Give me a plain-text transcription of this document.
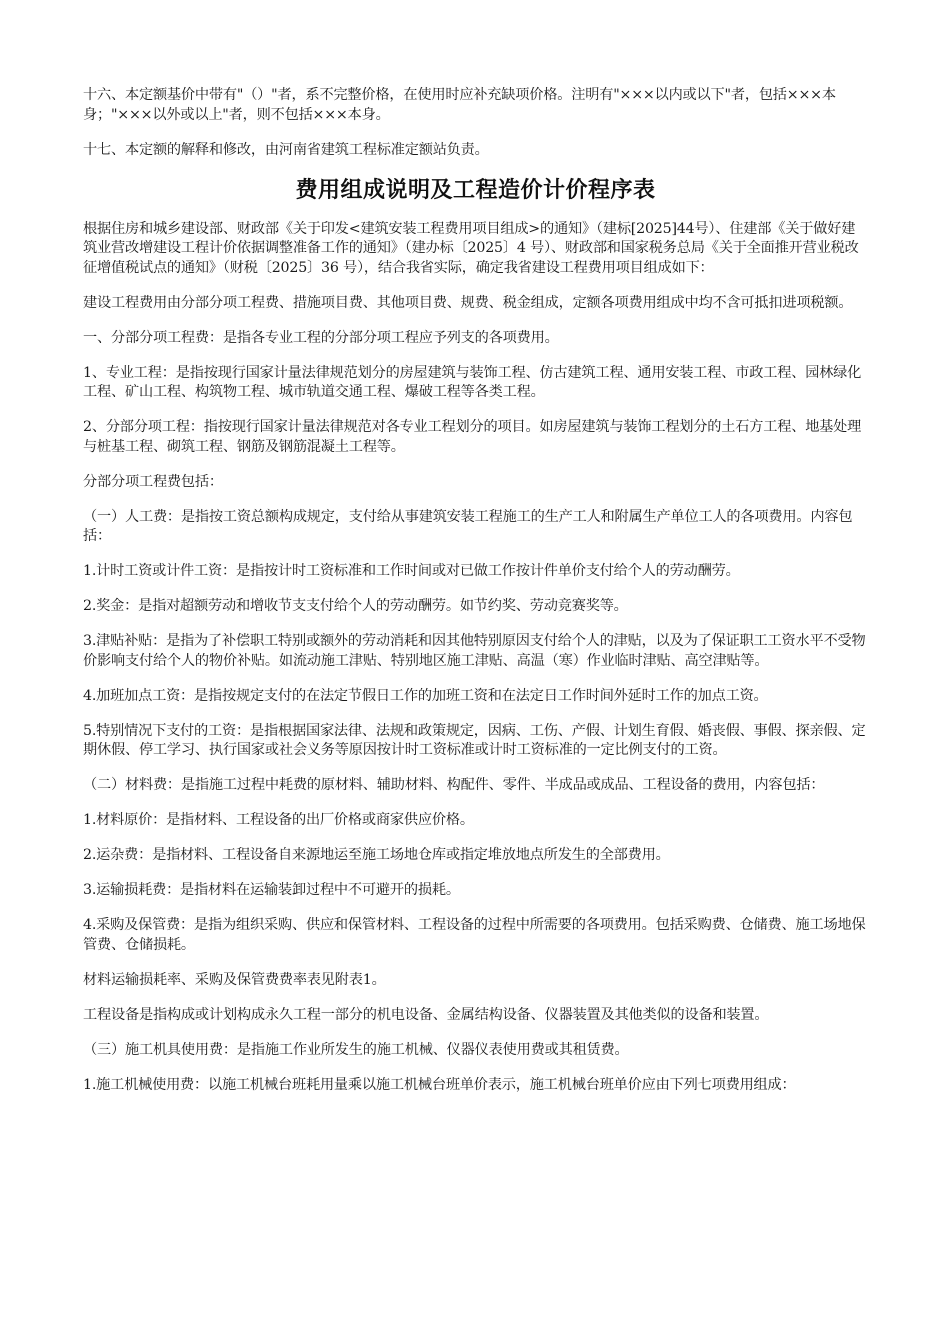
十六、本定额基价中带有"（）"者，系不完整价格，在使用时应补充缺项价格。注明有"×××以内或以下"者，包括×××本身；"×××以外或以上"者，则不包括×××本身。

十七、本定额的解释和修改，由河南省建筑工程标准定额站负责。

费用组成说明及工程造价计价程序表

根据住房和城乡建设部、财政部《关于印发<建筑安装工程费用项目组成>的通知》（建标[2025]44号）、住建部《关于做好建筑业营改增建设工程计价依据调整准备工作的通知》（建办标〔2025〕4 号）、财政部和国家税务总局《关于全面推开营业税改征增值税试点的通知》（财税〔2025〕36 号），结合我省实际，确定我省建设工程费用项目组成如下：

建设工程费用由分部分项工程费、措施项目费、其他项目费、规费、税金组成，定额各项费用组成中均不含可抵扣进项税额。

一、分部分项工程费：是指各专业工程的分部分项工程应予列支的各项费用。

1、专业工程：是指按现行国家计量法律规范划分的房屋建筑与装饰工程、仿古建筑工程、通用安装工程、市政工程、园林绿化工程、矿山工程、构筑物工程、城市轨道交通工程、爆破工程等各类工程。

2、分部分项工程：指按现行国家计量法律规范对各专业工程划分的项目。如房屋建筑与装饰工程划分的土石方工程、地基处理与桩基工程、砌筑工程、钢筋及钢筋混凝土工程等。

分部分项工程费包括：

（一）人工费：是指按工资总额构成规定，支付给从事建筑安装工程施工的生产工人和附属生产单位工人的各项费用。内容包括：

1.计时工资或计件工资：是指按计时工资标准和工作时间或对已做工作按计件单价支付给个人的劳动酬劳。

2.奖金：是指对超额劳动和增收节支支付给个人的劳动酬劳。如节约奖、劳动竞赛奖等。

3.津贴补贴：是指为了补偿职工特别或额外的劳动消耗和因其他特别原因支付给个人的津贴，以及为了保证职工工资水平不受物价影响支付给个人的物价补贴。如流动施工津贴、特别地区施工津贴、高温（寒）作业临时津贴、高空津贴等。

4.加班加点工资：是指按规定支付的在法定节假日工作的加班工资和在法定日工作时间外延时工作的加点工资。

5.特别情况下支付的工资：是指根据国家法律、法规和政策规定，因病、工伤、产假、计划生育假、婚丧假、事假、探亲假、定期休假、停工学习、执行国家或社会义务等原因按计时工资标准或计时工资标准的一定比例支付的工资。

（二）材料费：是指施工过程中耗费的原材料、辅助材料、构配件、零件、半成品或成品、工程设备的费用，内容包括：

1.材料原价：是指材料、工程设备的出厂价格或商家供应价格。

2.运杂费：是指材料、工程设备自来源地运至施工场地仓库或指定堆放地点所发生的全部费用。

3.运输损耗费：是指材料在运输装卸过程中不可避开的损耗。

4.采购及保管费：是指为组织采购、供应和保管材料、工程设备的过程中所需要的各项费用。包括采购费、仓储费、施工场地保管费、仓储损耗。

材料运输损耗率、采购及保管费费率表见附表1。

工程设备是指构成或计划构成永久工程一部分的机电设备、金属结构设备、仪器装置及其他类似的设备和装置。

（三）施工机具使用费：是指施工作业所发生的施工机械、仪器仪表使用费或其租赁费。

1.施工机械使用费：以施工机械台班耗用量乘以施工机械台班单价表示，施工机械台班单价应由下列七项费用组成：
